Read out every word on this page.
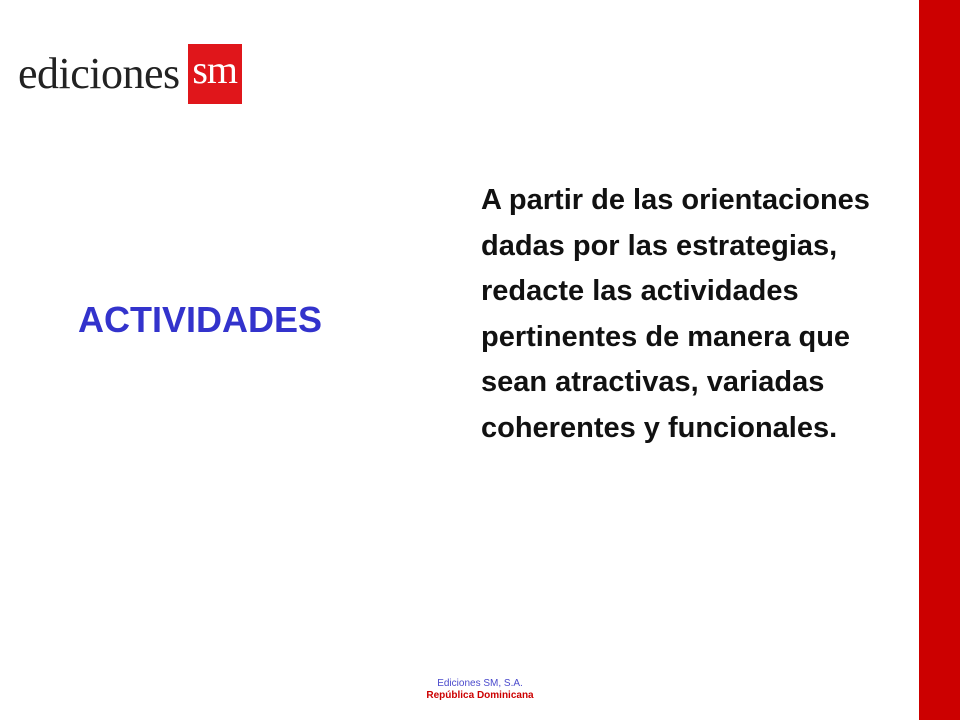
ediciones sm
ACTIVIDADES

A partir de las orientaciones dadas por las estrategias, redacte las actividades pertinentes de manera que sean atractivas, variadas coherentes y funcionales.

Ediciones SM, S.A.
República Dominicana
